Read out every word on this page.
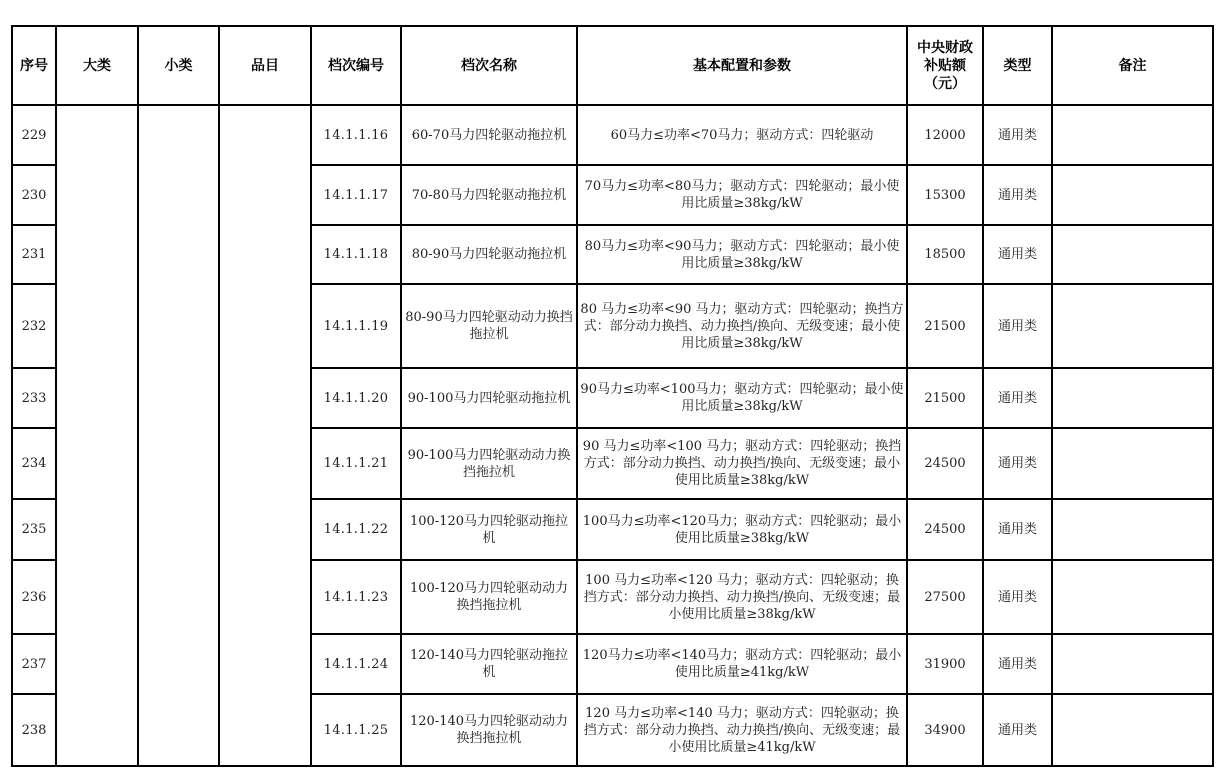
序号	大类	小类	品目	档次编号	档次名称	基本配置和参数	中央财政
补贴额
（元）	类型	备注
229				14.1.1.16	60-70马力四轮驱动拖拉机	60马力≤功率<70马力；驱动方式：四轮驱动	12000	通用类	
230				14.1.1.17	70-80马力四轮驱动拖拉机	70马力≤功率<80马力；驱动方式：四轮驱动；最小使用比质量≥38kg/kW	15300	通用类	
231				14.1.1.18	80-90马力四轮驱动拖拉机	80马力≤功率<90马力；驱动方式：四轮驱动；最小使用比质量≥38kg/kW	18500	通用类	
232				14.1.1.19	80-90马力四轮驱动动力换挡拖拉机	80 马力≤功率<90 马力；驱动方式：四轮驱动；换挡方式：部分动力换挡、动力换挡/换向、无级变速；最小使用比质量≥38kg/kW	21500	通用类	
233				14.1.1.20	90-100马力四轮驱动拖拉机	90马力≤功率<100马力；驱动方式：四轮驱动；最小使用比质量≥38kg/kW	21500	通用类	
234				14.1.1.21	90-100马力四轮驱动动力换挡拖拉机	90 马力≤功率<100 马力；驱动方式：四轮驱动；换挡方式：部分动力换挡、动力换挡/换向、无级变速；最小使用比质量≥38kg/kW	24500	通用类	
235				14.1.1.22	100-120马力四轮驱动拖拉机	100马力≤功率<120马力；驱动方式：四轮驱动；最小使用比质量≥38kg/kW	24500	通用类	
236				14.1.1.23	100-120马力四轮驱动动力换挡拖拉机	100 马力≤功率<120 马力；驱动方式：四轮驱动；换挡方式：部分动力换挡、动力换挡/换向、无级变速；最小使用比质量≥38kg/kW	27500	通用类	
237				14.1.1.24	120-140马力四轮驱动拖拉机	120马力≤功率<140马力；驱动方式：四轮驱动；最小使用比质量≥41kg/kW	31900	通用类	
238				14.1.1.25	120-140马力四轮驱动动力换挡拖拉机	120 马力≤功率<140 马力；驱动方式：四轮驱动；换挡方式：部分动力换挡、动力换挡/换向、无级变速；最小使用比质量≥41kg/kW	34900	通用类	
